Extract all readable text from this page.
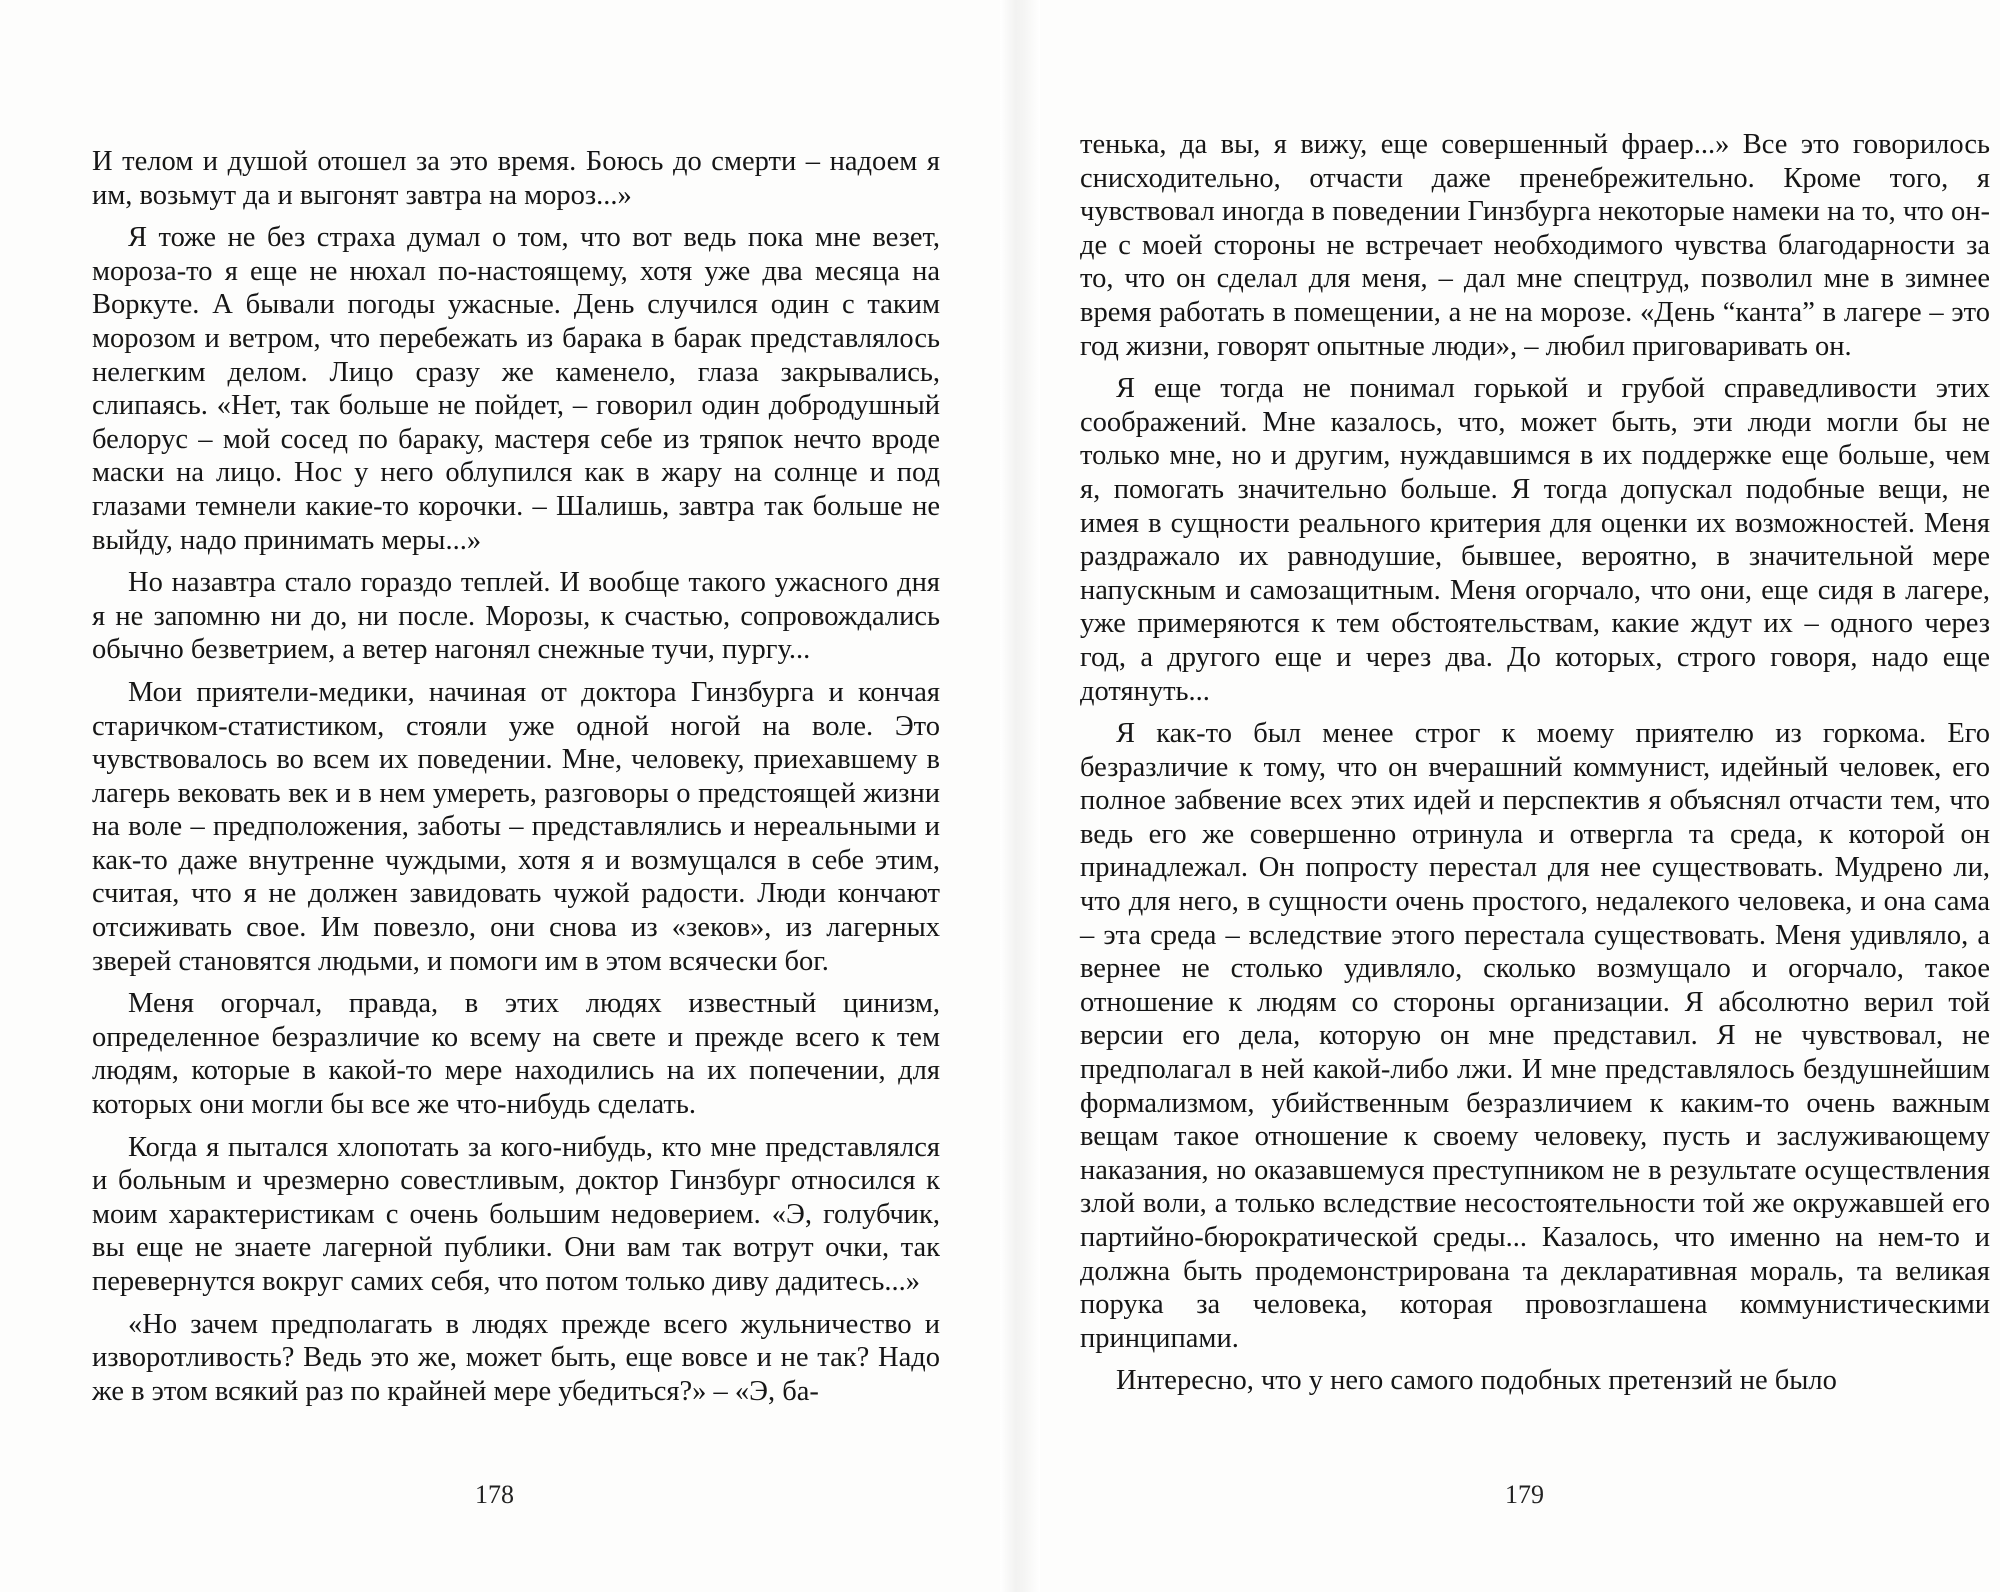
И телом и душой отошел за это время. Боюсь до смерти – надоем я им, возьмут да и выгонят завтра на мороз...»

Я тоже не без страха думал о том, что вот ведь пока мне везет, мороза-то я еще не нюхал по-настоящему, хотя уже два месяца на Воркуте. А бывали погоды ужасные. День случился один с таким морозом и ветром, что перебежать из барака в барак представлялось нелегким делом. Лицо сразу же каменело, глаза закрывались, слипаясь. «Нет, так больше не пойдет, – говорил один добродушный белорус – мой сосед по бараку, мастеря себе из тряпок нечто вроде маски на лицо. Нос у него облупился как в жару на солнце и под глазами темнели какие-то корочки. – Шалишь, завтра так больше не выйду, надо принимать меры...»

Но назавтра стало гораздо теплей. И вообще такого ужасного дня я не запомню ни до, ни после. Морозы, к счастью, сопровождались обычно безветрием, а ветер нагонял снежные тучи, пургу...

Мои приятели-медики, начиная от доктора Гинзбурга и кончая старичком-статистиком, стояли уже одной ногой на воле. Это чувствовалось во всем их поведении. Мне, человеку, приехавшему в лагерь вековать век и в нем умереть, разговоры о предстоящей жизни на воле – предположения, заботы – представлялись и нереальными и как-то даже внутренне чуждыми, хотя я и возмущался в себе этим, считая, что я не должен завидовать чужой радости. Люди кончают отсиживать свое. Им повезло, они снова из «зеков», из лагерных зверей становятся людьми, и помоги им в этом всячески бог.

Меня огорчал, правда, в этих людях известный цинизм, определенное безразличие ко всему на свете и прежде всего к тем людям, которые в какой-то мере находились на их попечении, для которых они могли бы все же что-нибудь сделать.

Когда я пытался хлопотать за кого-нибудь, кто мне представлялся и больным и чрезмерно совестливым, доктор Гинзбург относился к моим характеристикам с очень большим недоверием. «Э, голубчик, вы еще не знаете лагерной публики. Они вам так вотрут очки, так перевернутся вокруг самих себя, что потом только диву дадитесь...»

«Но зачем предполагать в людях прежде всего жульничество и изворотливость? Ведь это же, может быть, еще вовсе и не так? Надо же в этом всякий раз по крайней мере убедиться?» – «Э, ба-

178

тенька, да вы, я вижу, еще совершенный фраер...» Все это говорилось снисходительно, отчасти даже пренебрежительно. Кроме того, я чувствовал иногда в поведении Гинзбурга некоторые намеки на то, что он-де с моей стороны не встречает необходимого чувства благодарности за то, что он сделал для меня, – дал мне спецтруд, позволил мне в зимнее время работать в помещении, а не на морозе. «День “канта” в лагере – это год жизни, говорят опытные люди», – любил приговаривать он.

Я еще тогда не понимал горькой и грубой справедливости этих соображений. Мне казалось, что, может быть, эти люди могли бы не только мне, но и другим, нуждавшимся в их поддержке еще больше, чем я, помогать значительно больше. Я тогда допускал подобные вещи, не имея в сущности реального критерия для оценки их возможностей. Меня раздражало их равнодушие, бывшее, вероятно, в значительной мере напускным и самозащитным. Меня огорчало, что они, еще сидя в лагере, уже примеряются к тем обстоятельствам, какие ждут их – одного через год, а другого еще и через два. До которых, строго говоря, надо еще дотянуть...

Я как-то был менее строг к моему приятелю из горкома. Его безразличие к тому, что он вчерашний коммунист, идейный человек, его полное забвение всех этих идей и перспектив я объяснял отчасти тем, что ведь его же совершенно отринула и отвергла та среда, к которой он принадлежал. Он попросту перестал для нее существовать. Мудрено ли, что для него, в сущности очень простого, недалекого человека, и она сама – эта среда – вследствие этого перестала существовать. Меня удивляло, а вернее не столько удивляло, сколько возмущало и огорчало, такое отношение к людям со стороны организации. Я абсолютно верил той версии его дела, которую он мне представил. Я не чувствовал, не предполагал в ней какой-либо лжи. И мне представлялось бездушнейшим формализмом, убийственным безразличием к каким-то очень важным вещам такое отношение к своему человеку, пусть и заслуживающему наказания, но оказавшемуся преступником не в результате осуществления злой воли, а только вследствие несостоятельности той же окружавшей его партийно-бюрократической среды... Казалось, что именно на нем-то и должна быть продемонстрирована та декларативная мораль, та великая порука за человека, которая провозглашена коммунистическими принципами.

Интересно, что у него самого подобных претензий не было

179
